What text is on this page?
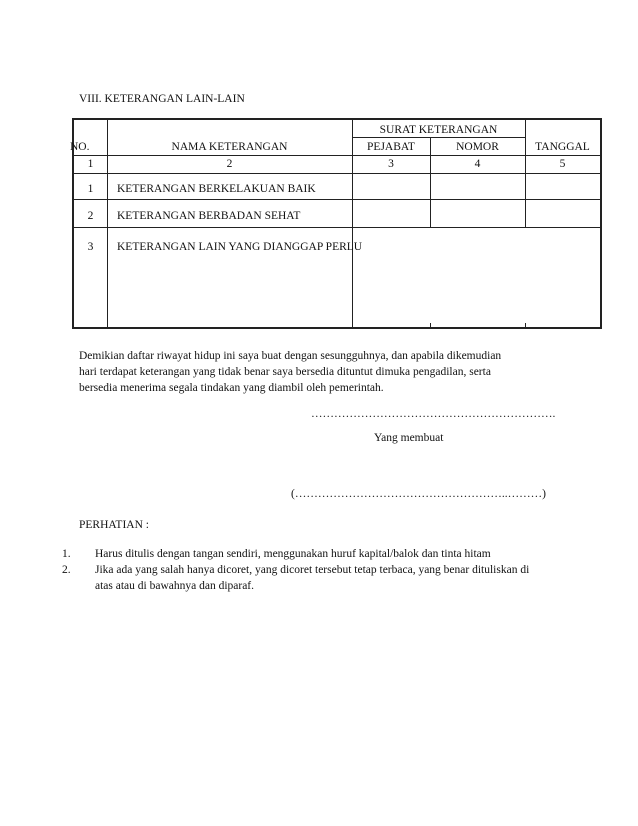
VIII. KETERANGAN LAIN-LAIN
SURAT KETERANGAN
NO.	NAMA KETERANGAN	PEJABAT	NOMOR	TANGGAL
1	2	3	4	5
1	KETERANGAN BERKELAKUAN BAIK
2	KETERANGAN BERBADAN SEHAT
3	KETERANGAN LAIN YANG DIANGGAP PERLU
Demikian daftar riwayat hidup ini saya buat dengan sesungguhnya, dan apabila dikemudian
hari terdapat keterangan yang tidak benar saya bersedia dituntut dimuka pengadilan, serta
bersedia menerima segala tindakan yang diambil oleh pemerintah.
……………………………………………………….
Yang membuat
(………………………………………………..………)
PERHATIAN :
1. Harus ditulis dengan tangan sendiri, menggunakan huruf kapital/balok dan tinta hitam
2. Jika ada yang salah hanya dicoret, yang dicoret tersebut tetap terbaca, yang benar dituliskan di atas atau di bawahnya dan diparaf.
